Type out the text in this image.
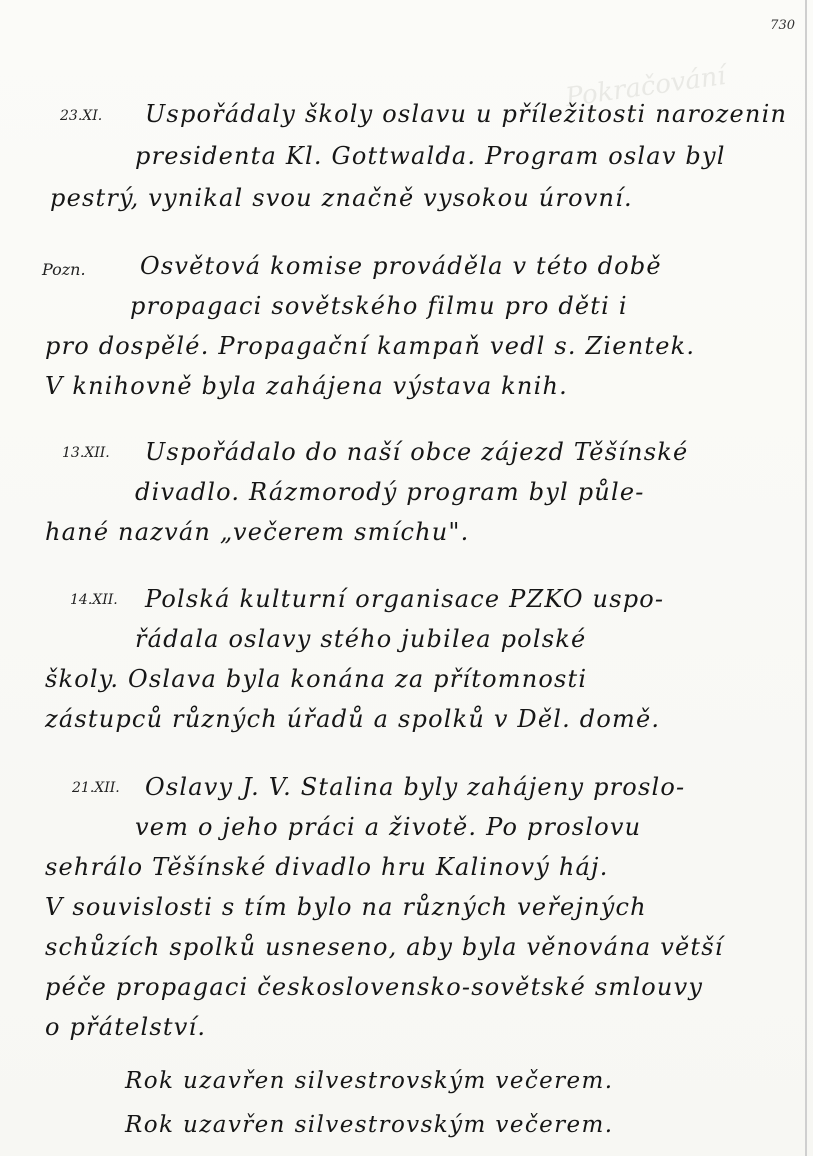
730
Pokračování
23.XI. Uspořádaly školy oslavu u příležitosti narozenin
presidenta Kl. Gottwalda. Program oslav byl
pestrý, vynikal svou značně vysokou úrovní.
Pozn. Osvětová komise prováděla v této době
propagaci sovětského filmu pro děti i
pro dospělé. Propagační kampaň vedl s. Zientek.
V knihovně byla zahájena výstava knih.
13.XII. Uspořádalo do naší obce zájezd Těšínské
divadlo. Rázmorodý program byl půle-
hané nazván „večerem smíchu".
14.XII. Polská kulturní organisace PZKO uspo-
řádala oslavy stého jubilea polské
školy. Oslava byla konána za přítomnosti
zástupců různých úřadů a spolků v Děl. domě.
21.XII. Oslavy J. V. Stalina byly zahájeny proslo-
vem o jeho práci a životě. Po proslovu
sehrálo Těšínské divadlo hru Kalinový háj.
V souvislosti s tím bylo na různých veřejných
schůzích spolků usneseno, aby byla věnována větší
péče propagaci československo-sovětské smlouvy
o přátelství.
Rok uzavřen silvestrovským večerem.
Rok uzavřen silvestrovským večerem.
